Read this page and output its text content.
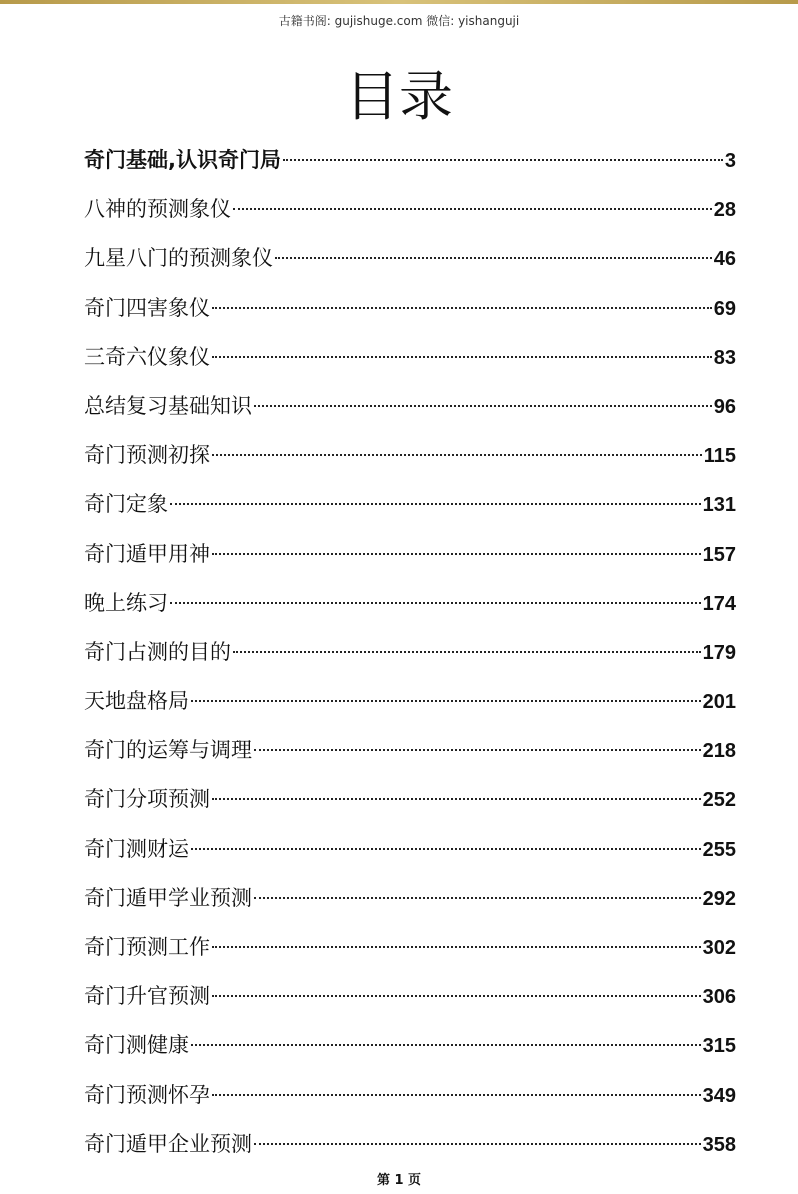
古籍书阁: gujishuge.com 微信: yishanguji
目录
奇门基础,认识奇门局	3
八神的预测象仪	28
九星八门的预测象仪	46
奇门四害象仪	69
三奇六仪象仪	83
总结复习基础知识	96
奇门预测初探	115
奇门定象	131
奇门遁甲用神	157
晚上练习	174
奇门占测的目的	179
天地盘格局	201
奇门的运筹与调理	218
奇门分项预测	252
奇门测财运	255
奇门遁甲学业预测	292
奇门预测工作	302
奇门升官预测	306
奇门测健康	315
奇门预测怀孕	349
奇门遁甲企业预测	358
第 1 页
